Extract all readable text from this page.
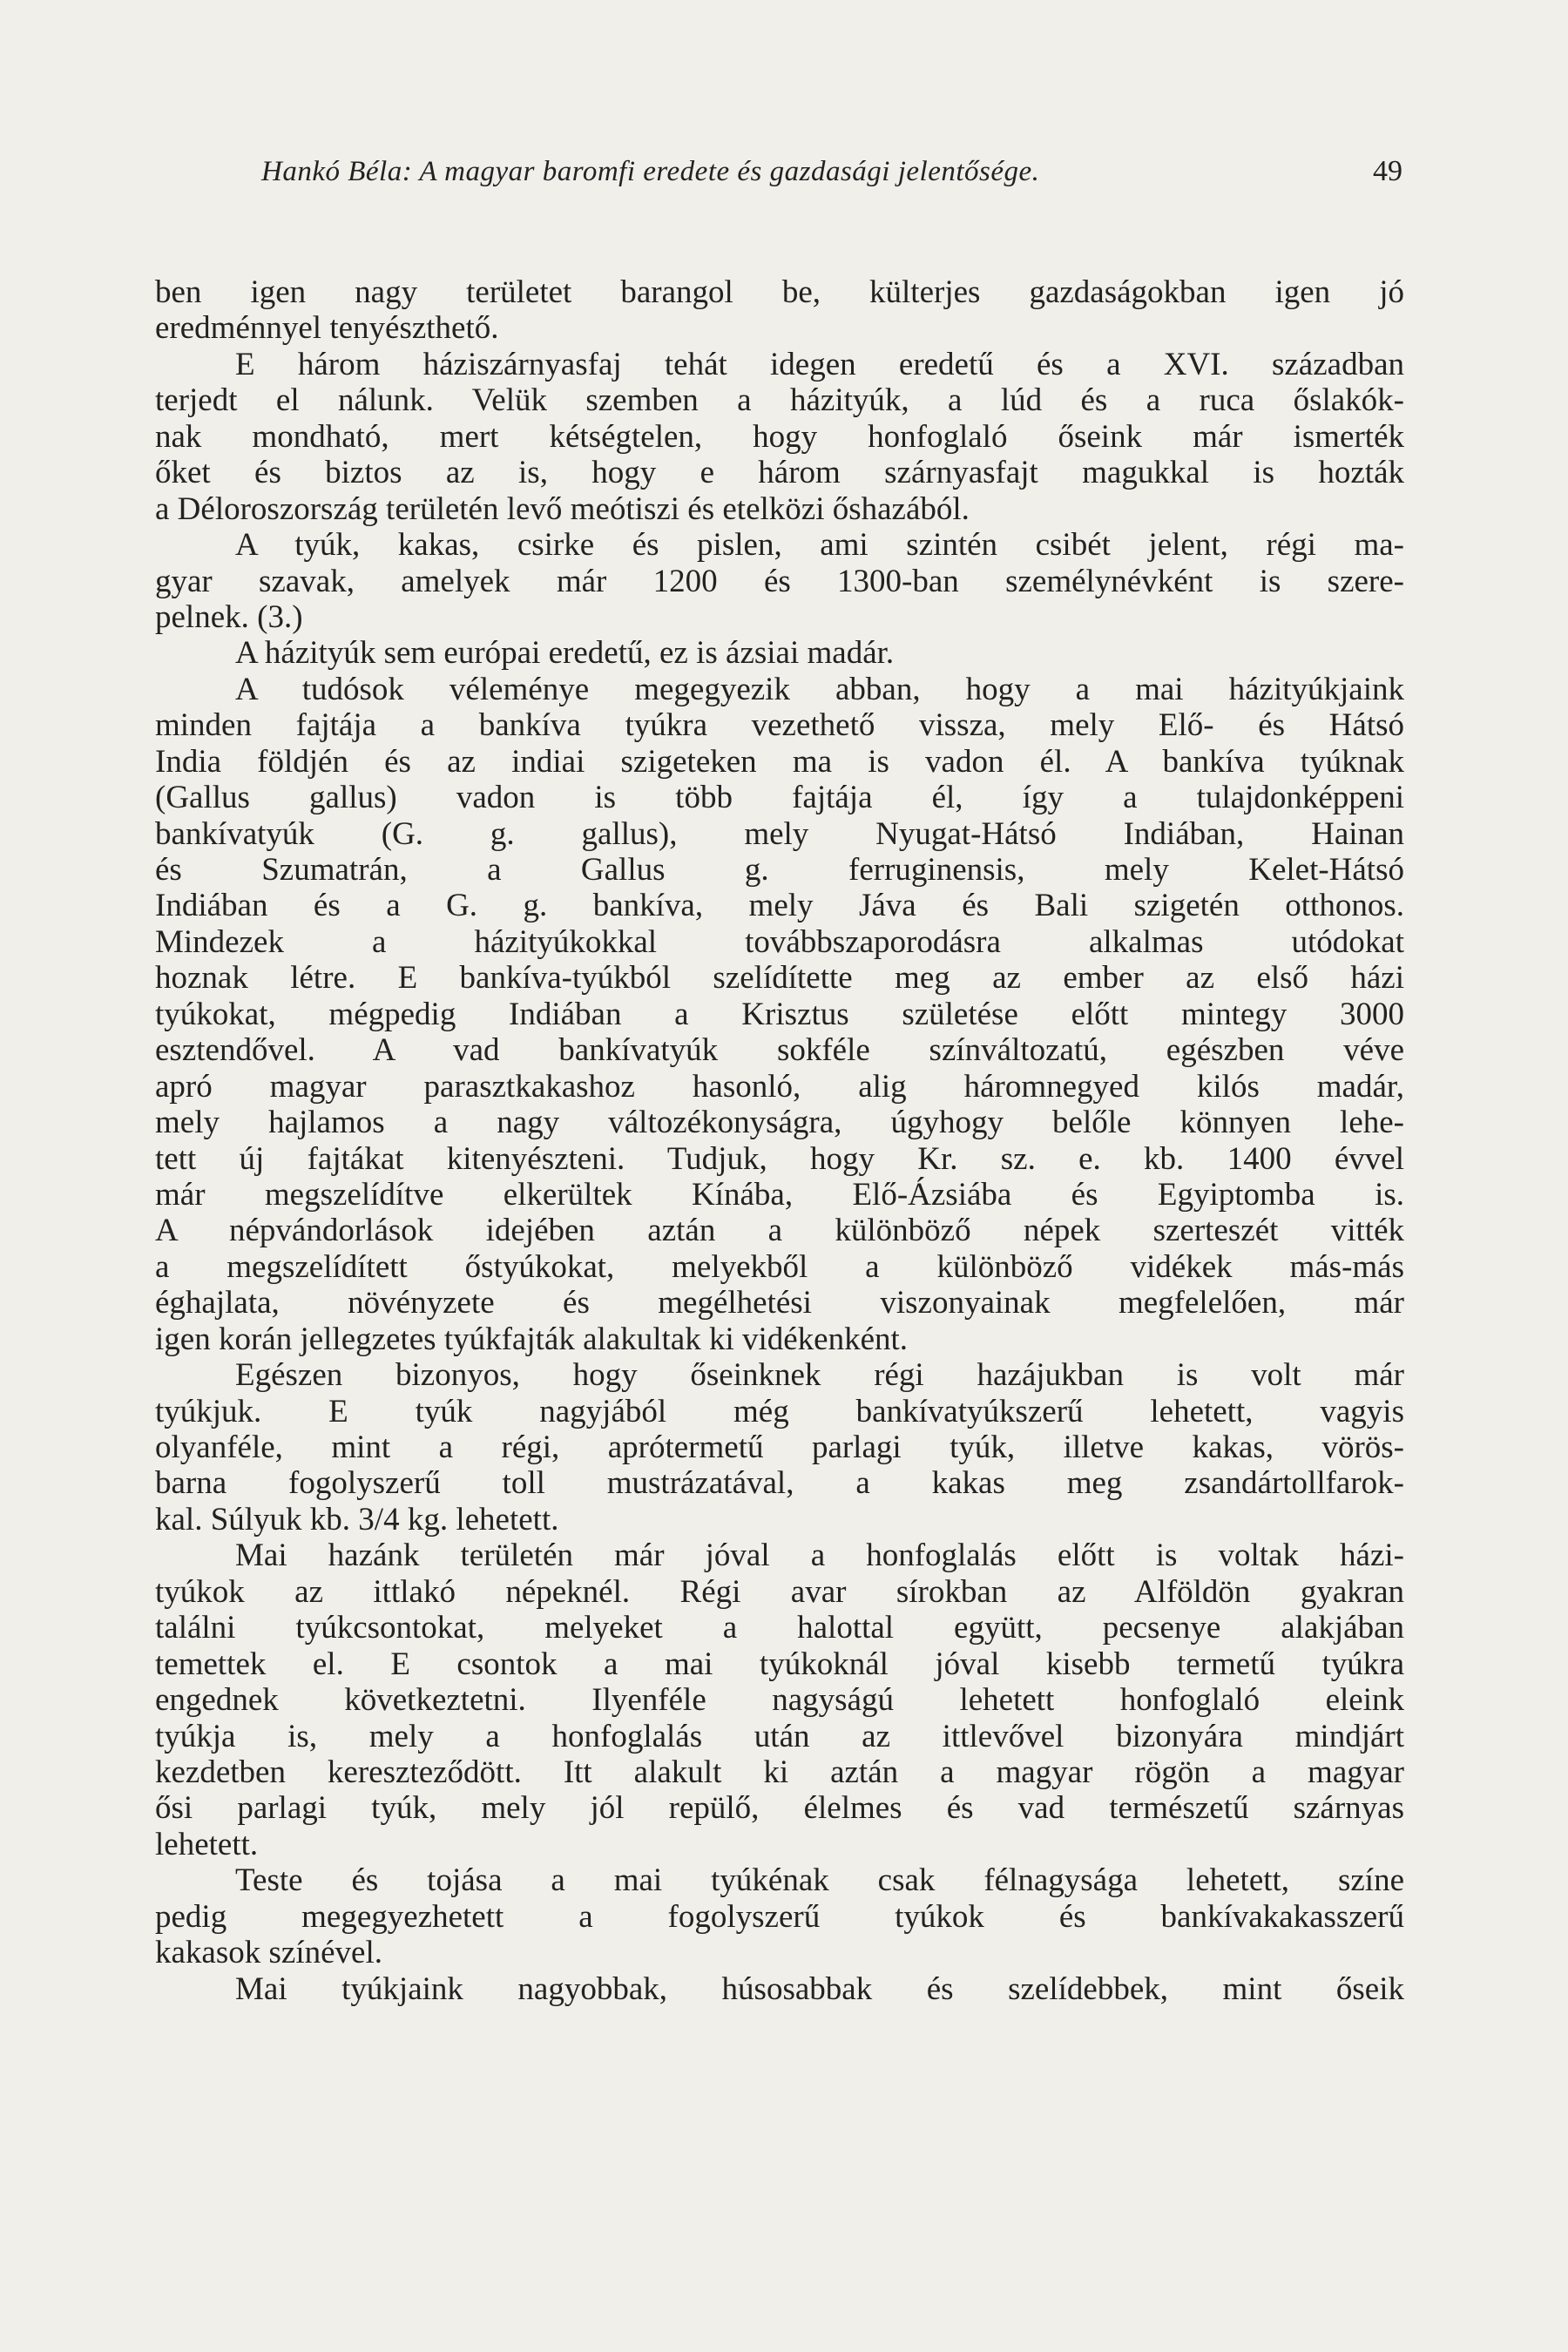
Hankó Béla: A magyar baromfi eredete és gazdasági jelentősége.	49
ben igen nagy területet barangol be, külterjes gazdaságokban igen jó
eredménnyel tenyészthető.
E három háziszárnyasfaj tehát idegen eredetű és a XVI. században
terjedt el nálunk. Velük szemben a házityúk, a lúd és a ruca őslakók-
nak mondható, mert kétségtelen, hogy honfoglaló őseink már ismerték
őket és biztos az is, hogy e három szárnyasfajt magukkal is hozták
a Déloroszország területén levő meótiszi és etelközi őshazából.
A tyúk, kakas, csirke és pislen, ami szintén csibét jelent, régi ma-
gyar szavak, amelyek már 1200 és 1300-ban személynévként is szere-
pelnek. (3.)
A házityúk sem európai eredetű, ez is ázsiai madár.
A tudósok véleménye megegyezik abban, hogy a mai házityúkjaink
minden fajtája a bankíva tyúkra vezethető vissza, mely Elő- és Hátsó
India földjén és az indiai szigeteken ma is vadon él. A bankíva tyúknak
(Gallus gallus) vadon is több fajtája él, így a tulajdonképpeni
bankívatyúk (G. g. gallus), mely Nyugat-Hátsó Indiában, Hainan
és Szumatrán, a Gallus g. ferruginensis, mely Kelet-Hátsó
Indiában és a G. g. bankíva, mely Jáva és Bali szigetén otthonos.
Mindezek a házityúkokkal továbbszaporodásra alkalmas utódokat
hoznak létre. E bankíva-tyúkból szelídítette meg az ember az első házi
tyúkokat, mégpedig Indiában a Krisztus születése előtt mintegy 3000
esztendővel. A vad bankívatyúk sokféle színváltozatú, egészben véve
apró magyar parasztkakashoz hasonló, alig háromnegyed kilós madár,
mely hajlamos a nagy változékonyságra, úgyhogy belőle könnyen lehe-
tett új fajtákat kitenyészteni. Tudjuk, hogy Kr. sz. e. kb. 1400 évvel
már megszelídítve elkerültek Kínába, Elő-Ázsiába és Egyiptomba is.
A népvándorlások idejében aztán a különböző népek szerteszét vitték
a megszelídített őstyúkokat, melyekből a különböző vidékek más-más
éghajlata, növényzete és megélhetési viszonyainak megfelelően, már
igen korán jellegzetes tyúkfajták alakultak ki vidékenként.
Egészen bizonyos, hogy őseinknek régi hazájukban is volt már
tyúkjuk. E tyúk nagyjából még bankívatyúkszerű lehetett, vagyis
olyanféle, mint a régi, aprótermetű parlagi tyúk, illetve kakas, vörös-
barna fogolyszerű toll mustrázatával, a kakas meg zsandártollfarok-
kal. Súlyuk kb. 3/4 kg. lehetett.
Mai hazánk területén már jóval a honfoglalás előtt is voltak házi-
tyúkok az ittlakó népeknél. Régi avar sírokban az Alföldön gyakran
találni tyúkcsontokat, melyeket a halottal együtt, pecsenye alakjában
temettek el. E csontok a mai tyúkoknál jóval kisebb termetű tyúkra
engednek következtetni. Ilyenféle nagyságú lehetett honfoglaló eleink
tyúkja is, mely a honfoglalás után az ittlevővel bizonyára mindjárt
kezdetben kereszteződött. Itt alakult ki aztán a magyar rögön a magyar
ősi parlagi tyúk, mely jól repülő, élelmes és vad természetű szárnyas
lehetett.
Teste és tojása a mai tyúkénak csak félnagysága lehetett, színe
pedig megegyezhetett a fogolyszerű tyúkok és bankívakakasszerű
kakasok színével.
Mai tyúkjaink nagyobbak, húsosabbak és szelídebbek, mint őseik
